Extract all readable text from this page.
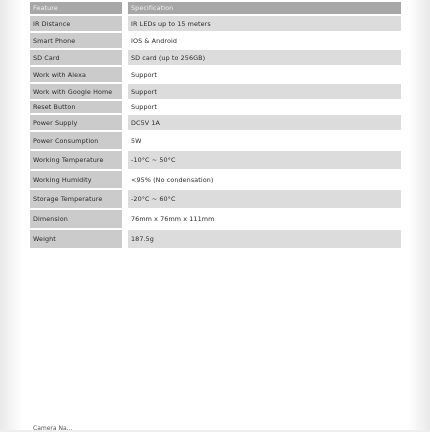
Feature	Specification
IR Distance	IR LEDs up to 15 meters
Smart Phone	IOS & Android
SD Card	SD card (up to 256GB)
Work with Alexa	Support
Work with Google Home	Support
Reset Button	Support
Power Supply	DC5V 1A
Power Consumption	5W
Working Temperature	-10°C ~ 50°C
Working Humidity	<95% (No condensation)
Storage Temperature	-20°C ~ 60°C
Dimension	76mm x 76mm x 111mm
Weight	187.5g
Camera Na...
